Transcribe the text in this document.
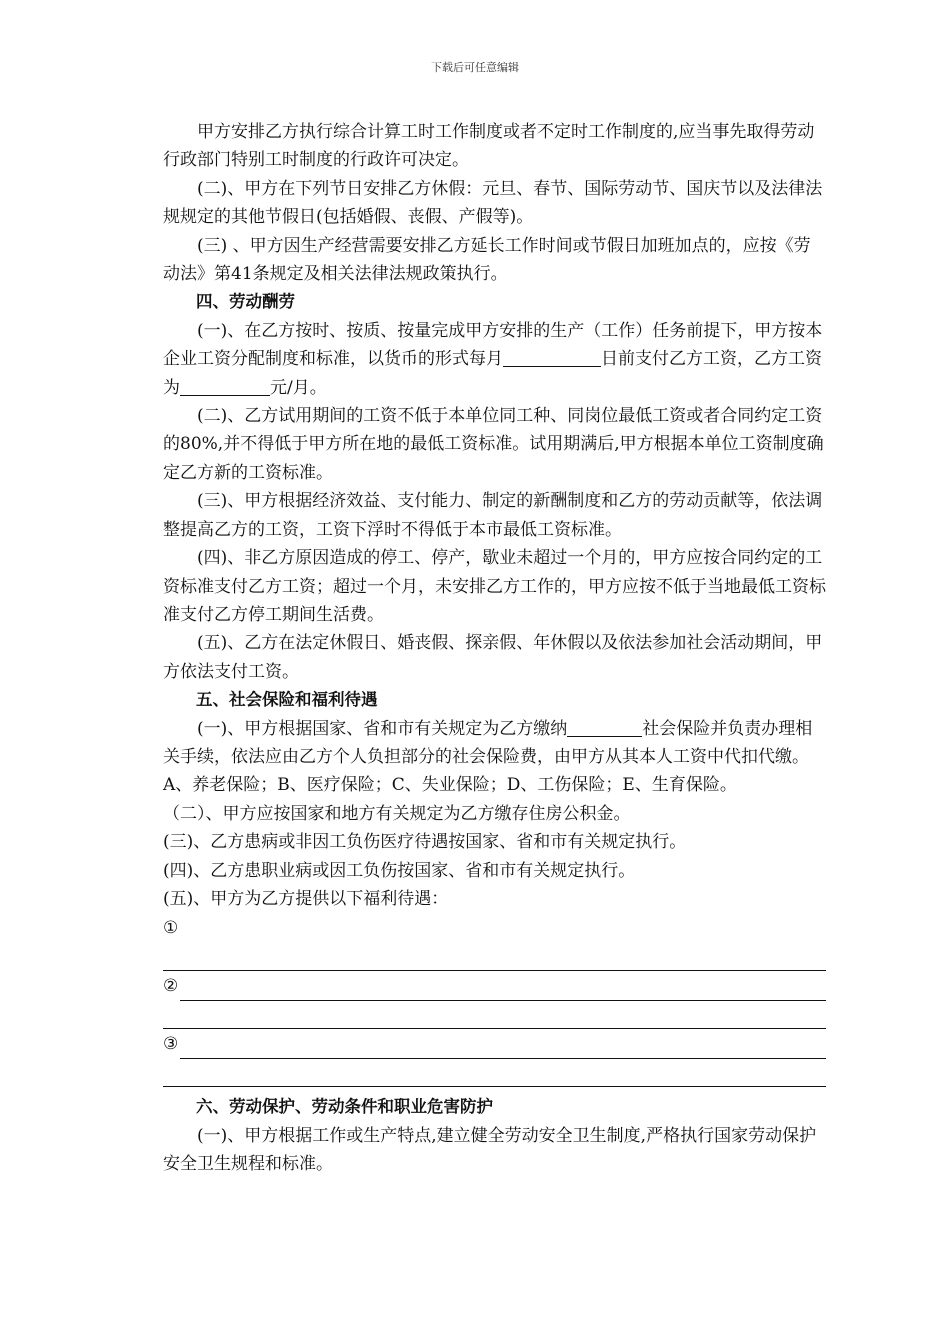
下载后可任意编辑

甲方安排乙方执行综合计算工时工作制度或者不定时工作制度的,应当事先取得劳动行政部门特别工时制度的行政许可决定。

(二)、甲方在下列节日安排乙方休假：元旦、春节、国际劳动节、国庆节以及法律法规规定的其他节假日(包括婚假、丧假、产假等)。

(三) 、甲方因生产经营需要安排乙方延长工作时间或节假日加班加点的，应按《劳动法》第41条规定及相关法律法规政策执行。

四、劳动酬劳

(一)、在乙方按时、按质、按量完成甲方安排的生产（工作）任务前提下，甲方按本企业工资分配制度和标准，以货币的形式每月	日前支付乙方工资，乙方工资为	元/月。

(二)、乙方试用期间的工资不低于本单位同工种、同岗位最低工资或者合同约定工资的80%,并不得低于甲方所在地的最低工资标准。试用期满后,甲方根据本单位工资制度确定乙方新的工资标准。

(三)、甲方根据经济效益、支付能力、制定的新酬制度和乙方的劳动贡献等，依法调整提高乙方的工资，工资下浮时不得低于本市最低工资标准。

(四)、非乙方原因造成的停工、停产，歇业未超过一个月的，甲方应按合同约定的工资标准支付乙方工资；超过一个月，未安排乙方工作的，甲方应按不低于当地最低工资标准支付乙方停工期间生活费。

(五)、乙方在法定休假日、婚丧假、探亲假、年休假以及依法参加社会活动期间，甲方依法支付工资。

五、社会保险和福利待遇

(一)、甲方根据国家、省和市有关规定为乙方缴纳	社会保险并负责办理相关手续，依法应由乙方个人负担部分的社会保险费，由甲方从其本人工资中代扣代缴。

A、养老保险；B、医疗保险；C、失业保险；D、工伤保险；E、生育保险。

（二）、甲方应按国家和地方有关规定为乙方缴存住房公积金。

(三)、乙方患病或非因工负伤医疗待遇按国家、省和市有关规定执行。

(四)、乙方患职业病或因工负伤按国家、省和市有关规定执行。

(五)、甲方为乙方提供以下福利待遇：

①
②
③

六、劳动保护、劳动条件和职业危害防护

(一)、甲方根据工作或生产特点,建立健全劳动安全卫生制度,严格执行国家劳动保护安全卫生规程和标准。
